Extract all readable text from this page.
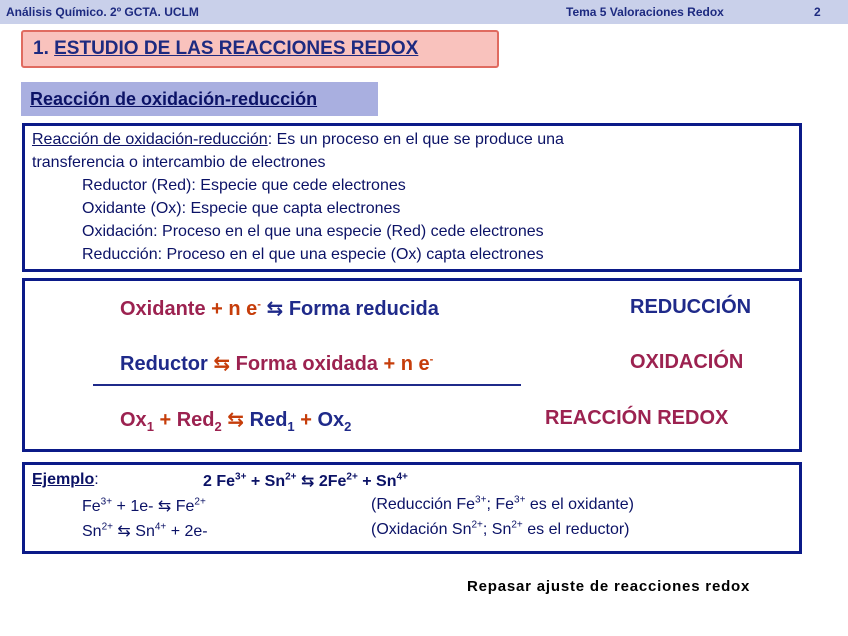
Análisis Químico. 2º GCTA. UCLM	Tema 5 Valoraciones Redox	2
1. ESTUDIO DE LAS REACCIONES REDOX
Reacción de oxidación-reducción
Reacción de oxidación-reducción: Es un proceso en el que se produce una
transferencia o intercambio de electrones
Reductor (Red): Especie que cede electrones
Oxidante (Ox): Especie que capta electrones
Oxidación: Proceso en el que una especie (Red) cede electrones
Reducción: Proceso en el que una especie (Ox) capta electrones
Oxidante + n e- ⇆ Forma reducida	REDUCCIÓN
Reductor ⇆ Forma oxidada + n e-	OXIDACIÓN
$Ox_1 + Red_2$ ⇆ $Red_1 + Ox_2$	REACCIÓN REDOX
Ejemplo:	2 $Fe^{3+} + Sn^{2+}$ ⇆ $2Fe^{2+} + Sn^{4+}$
$Fe^{3+} + 1e-$ ⇆ $Fe^{2+}$	(Reducción $Fe^{3+}$; $Fe^{3+}$ es el oxidante)
$Sn^{2+}$ ⇆ $Sn^{4+} + 2e-$	(Oxidación $Sn^{2+}$; $Sn^{2+}$ es el reductor)
Repasar ajuste de reacciones redox
